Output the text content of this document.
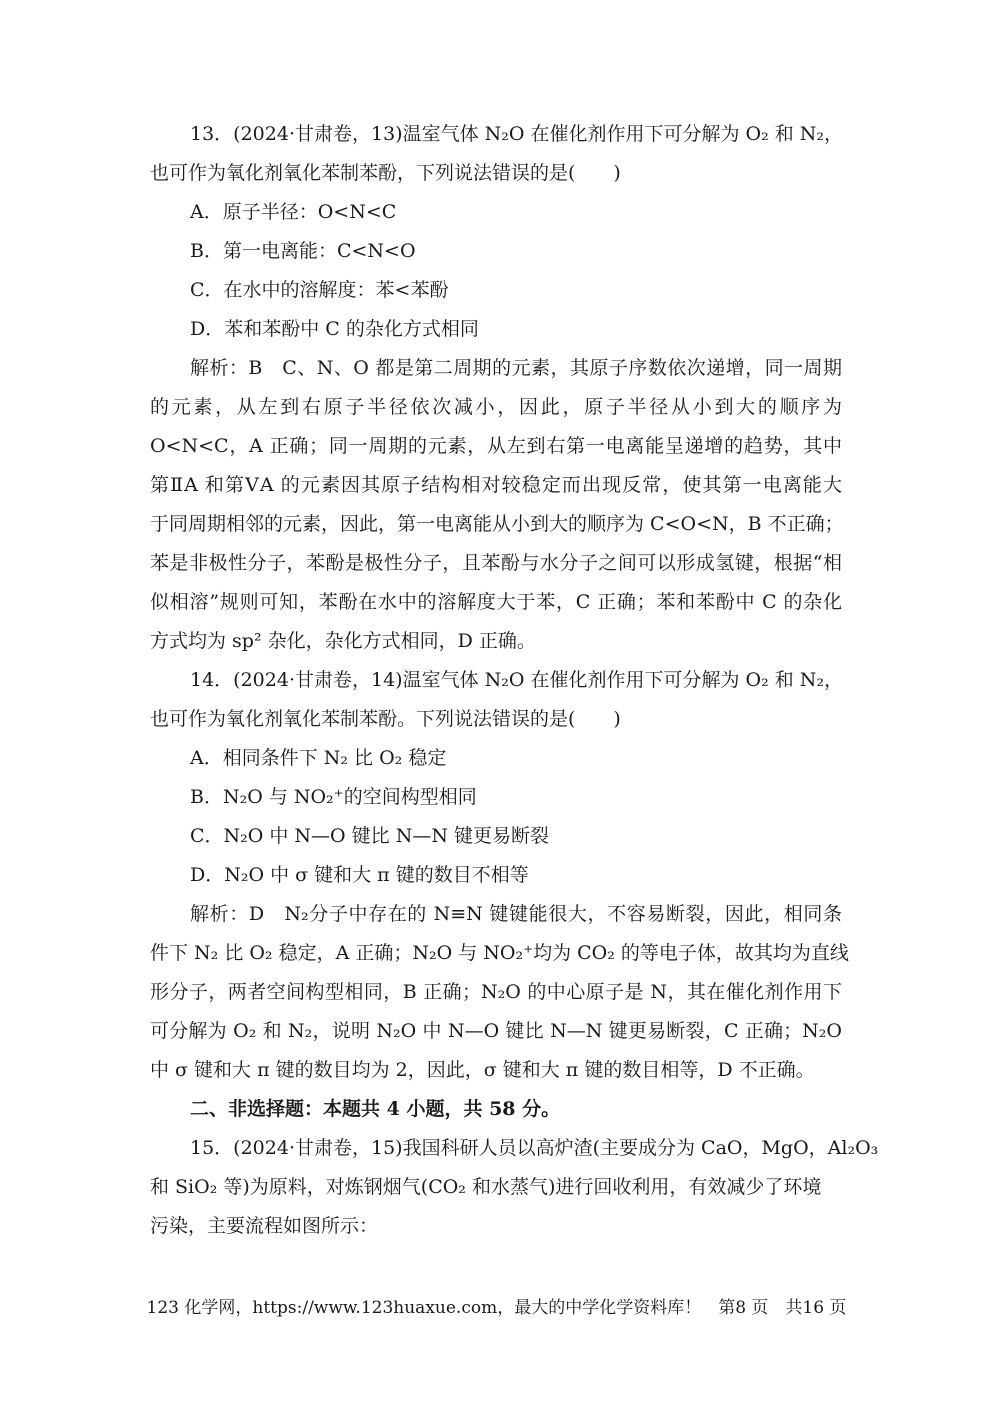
13．(2024·甘肃卷，13)温室气体 N₂O 在催化剂作用下可分解为 O₂ 和 N₂，
也可作为氧化剂氧化苯制苯酚，下列说法错误的是(　　)
A．原子半径：O<N<C
B．第一电离能：C<N<O
C．在水中的溶解度：苯<苯酚
D．苯和苯酚中 C 的杂化方式相同
解析：B　C、N、O 都是第二周期的元素，其原子序数依次递增，同一周期
的元素，从左到右原子半径依次减小，因此，原子半径从小到大的顺序为
O<N<C，A 正确；同一周期的元素，从左到右第一电离能呈递增的趋势，其中
第ⅡA 和第ⅤA 的元素因其原子结构相对较稳定而出现反常，使其第一电离能大
于同周期相邻的元素，因此，第一电离能从小到大的顺序为 C<O<N，B 不正确；
苯是非极性分子，苯酚是极性分子，且苯酚与水分子之间可以形成氢键，根据“相
似相溶”规则可知，苯酚在水中的溶解度大于苯，C 正确；苯和苯酚中 C 的杂化
方式均为 sp² 杂化，杂化方式相同，D 正确。
14．(2024·甘肃卷，14)温室气体 N₂O 在催化剂作用下可分解为 O₂ 和 N₂，
也可作为氧化剂氧化苯制苯酚。下列说法错误的是(　　)
A．相同条件下 N₂ 比 O₂ 稳定
B．N₂O 与 NO₂⁺的空间构型相同
C．N₂O 中 N—O 键比 N—N 键更易断裂
D．N₂O 中 σ 键和大 π 键的数目不相等
解析：D　N₂分子中存在的 N≡N 键键能很大，不容易断裂，因此，相同条
件下 N₂ 比 O₂ 稳定，A 正确；N₂O 与 NO₂⁺均为 CO₂ 的等电子体，故其均为直线
形分子，两者空间构型相同，B 正确；N₂O 的中心原子是 N，其在催化剂作用下
可分解为 O₂ 和 N₂，说明 N₂O 中 N—O 键比 N—N 键更易断裂，C 正确；N₂O
中 σ 键和大 π 键的数目均为 2，因此，σ 键和大 π 键的数目相等，D 不正确。
二、非选择题：本题共 4 小题，共 58 分。
15．(2024·甘肃卷，15)我国科研人员以高炉渣(主要成分为 CaO，MgO，Al₂O₃
和 SiO₂ 等)为原料，对炼钢烟气(CO₂ 和水蒸气)进行回收利用，有效减少了环境
污染，主要流程如图所示：
123 化学网，https://www.123huaxue.com，最大的中学化学资料库！　第8 页　共16 页
